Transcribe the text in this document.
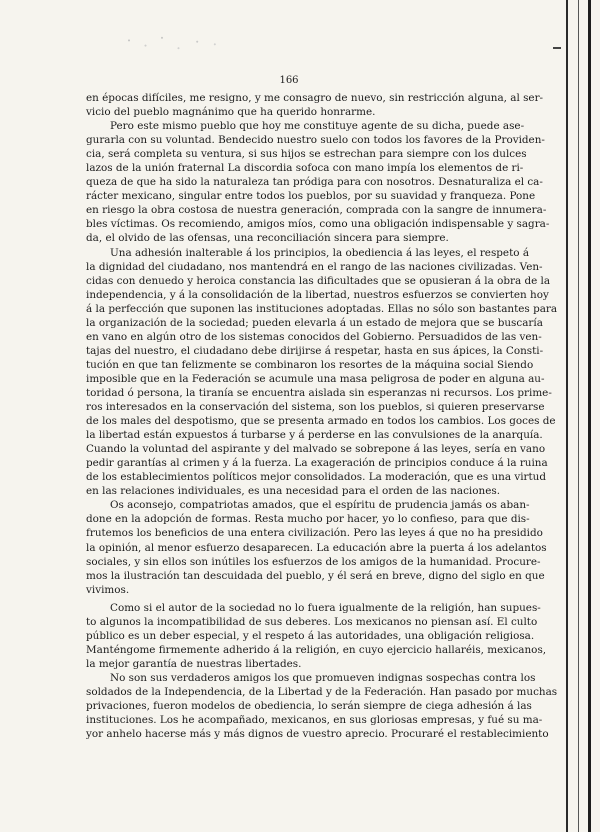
166
en épocas difíciles, me resigno, y me consagro de nuevo, sin restricción alguna, al ser-
vicio del pueblo magnánimo que ha querido honrarme.
Pero este mismo pueblo que hoy me constituye agente de su dicha, puede ase-
gurarla con su voluntad. Bendecido nuestro suelo con todos los favores de la Providen-
cia, será completa su ventura, si sus hijos se estrechan para siempre con los dulces
lazos de la unión fraternal La discordia sofoca con mano impía los elementos de ri-
queza de que ha sido la naturaleza tan pródiga para con nosotros. Desnaturaliza el ca-
rácter mexicano, singular entre todos los pueblos, por su suavidad y franqueza. Pone
en riesgo la obra costosa de nuestra generación, comprada con la sangre de innumera-
bles víctimas. Os recomiendo, amigos míos, como una obligación indispensable y sagra-
da, el olvido de las ofensas, una reconciliación sincera para siempre.
Una adhesión inalterable á los principios, la obediencia á las leyes, el respeto á
la dignidad del ciudadano, nos mantendrá en el rango de las naciones civilizadas. Ven-
cidas con denuedo y heroica constancia las dificultades que se opusieran á la obra de la
independencia, y á la consolidación de la libertad, nuestros esfuerzos se convierten hoy
á la perfección que suponen las instituciones adoptadas. Ellas no sólo son bastantes para
la organización de la sociedad; pueden elevarla á un estado de mejora que se buscaría
en vano en algún otro de los sistemas conocidos del Gobierno. Persuadidos de las ven-
tajas del nuestro, el ciudadano debe dirijirse á respetar, hasta en sus ápices, la Consti-
tución en que tan felizmente se combinaron los resortes de la máquina social Siendo
imposible que en la Federación se acumule una masa peligrosa de poder en alguna au-
toridad ó persona, la tiranía se encuentra aislada sin esperanzas ni recursos. Los prime-
ros interesados en la conservación del sistema, son los pueblos, si quieren preservarse
de los males del despotismo, que se presenta armado en todos los cambios. Los goces de
la libertad están expuestos á turbarse y á perderse en las convulsiones de la anarquía.
Cuando la voluntad del aspirante y del malvado se sobrepone á las leyes, sería en vano
pedir garantías al crimen y á la fuerza. La exageración de principios conduce á la ruina
de los establecimientos políticos mejor consolidados. La moderación, que es una virtud
en las relaciones individuales, es una necesidad para el orden de las naciones.
Os aconsejo, compatriotas amados, que el espíritu de prudencia jamás os aban-
done en la adopción de formas. Resta mucho por hacer, yo lo confieso, para que dis-
frutemos los beneficios de una entera civilización. Pero las leyes á que no ha presidido
la opinión, al menor esfuerzo desaparecen. La educación abre la puerta á los adelantos
sociales, y sin ellos son inútiles los esfuerzos de los amigos de la humanidad. Procure-
mos la ilustración tan descuidada del pueblo, y él será en breve, digno del siglo en que
vivimos.
Como si el autor de la sociedad no lo fuera igualmente de la religión, han supues-
to algunos la incompatibilidad de sus deberes. Los mexicanos no piensan así. El culto
público es un deber especial, y el respeto á las autoridades, una obligación religiosa.
Manténgome firmemente adherido á la religión, en cuyo ejercicio hallaréis, mexicanos,
la mejor garantía de nuestras libertades.
No son sus verdaderos amigos los que promueven indignas sospechas contra los
soldados de la Independencia, de la Libertad y de la Federación. Han pasado por muchas
privaciones, fueron modelos de obediencia, lo serán siempre de ciega adhesión á las
instituciones. Los he acompañado, mexicanos, en sus gloriosas empresas, y fué su ma-
yor anhelo hacerse más y más dignos de vuestro aprecio. Procuraré el restablecimiento
